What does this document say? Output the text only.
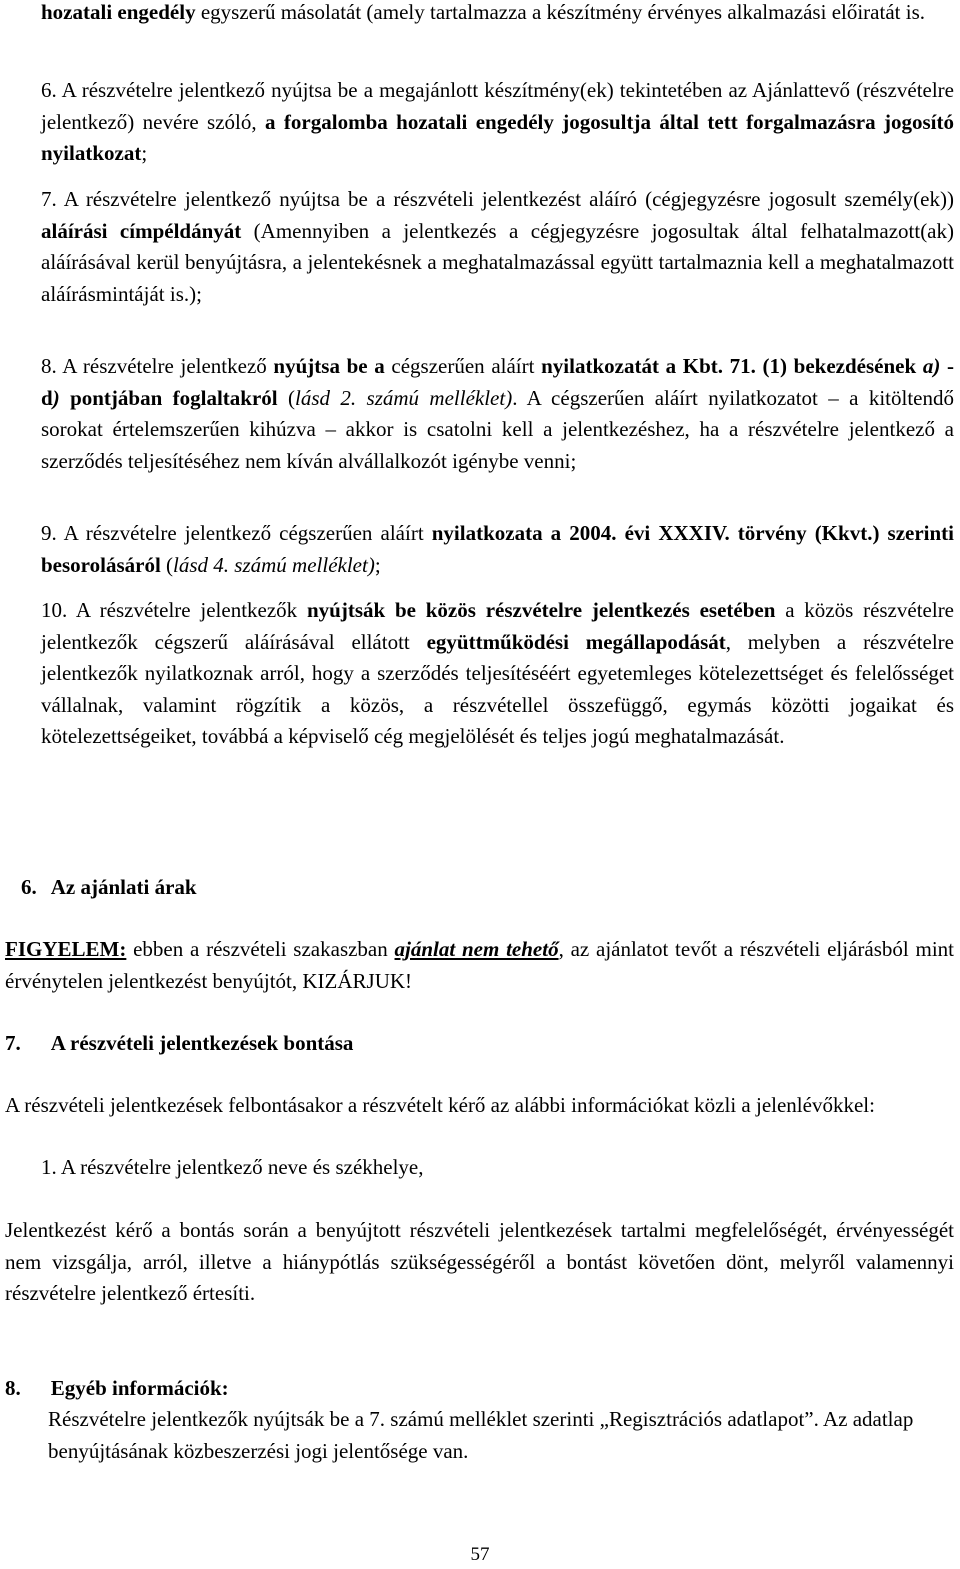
hozatali engedély egyszerű másolatát (amely tartalmazza a készítmény érvényes alkalmazási előiratát is.

6. A részvételre jelentkező nyújtsa be a megajánlott készítmény(ek) tekintetében az Ajánlattevő (részvételre jelentkező) nevére szóló, a forgalomba hozatali engedély jogosultja által tett forgalmazásra jogosító nyilatkozat;

7. A részvételre jelentkező nyújtsa be a részvételi jelentkezést aláíró (cégjegyzésre jogosult személy(ek)) aláírási címpéldányát (Amennyiben a jelentkezés a cégjegyzésre jogosultak által felhatalmazott(ak) aláírásával kerül benyújtásra, a jelentekésnek a meghatalmazással együtt tartalmaznia kell a meghatalmazott aláírásmintáját is.);

8. A részvételre jelentkező nyújtsa be a cégszerűen aláírt nyilatkozatát a Kbt. 71. (1) bekezdésének a) - d) pontjában foglaltakról (lásd 2. számú melléklet). A cégszerűen aláírt nyilatkozatot – a kitöltendő sorokat értelemszerűen kihúzva – akkor is csatolni kell a jelentkezéshez, ha a részvételre jelentkező a szerződés teljesítéséhez nem kíván alvállalkozót igénybe venni;

9. A részvételre jelentkező cégszerűen aláírt nyilatkozata a 2004. évi XXXIV. törvény (Kkvt.) szerinti besorolásáról (lásd 4. számú melléklet);

10. A részvételre jelentkezők nyújtsák be közös részvételre jelentkezés esetében a közös részvételre jelentkezők cégszerű aláírásával ellátott együttműködési megállapodását, melyben a részvételre jelentkezők nyilatkoznak arról, hogy a szerződés teljesítéséért egyetemleges kötelezettséget és felelősséget vállalnak, valamint rögzítik a közös, a részvétellel összefüggő, egymás közötti jogaikat és kötelezettségeiket, továbbá a képviselő cég megjelölését és teljes jogú meghatalmazását.

6. Az ajánlati árak

FIGYELEM: ebben a részvételi szakaszban ajánlat nem tehető, az ajánlatot tevőt a részvételi eljárásból mint érvénytelen jelentkezést benyújtót, KIZÁRJUK!

7. A részvételi jelentkezések bontása

A részvételi jelentkezések felbontásakor a részvételt kérő az alábbi információkat közli a jelenlévőkkel:

1. A részvételre jelentkező neve és székhelye,

Jelentkezést kérő a bontás során a benyújtott részvételi jelentkezések tartalmi megfelelőségét, érvényességét nem vizsgálja, arról, illetve a hiánypótlás szükségességéről a bontást követően dönt, melyről valamennyi részvételre jelentkező értesíti.

8. Egyéb információk:

Részvételre jelentkezők nyújtsák be a 7. számú melléklet szerinti „Regisztrációs adatlapot”. Az adatlap benyújtásának közbeszerzési jogi jelentősége van.

57
